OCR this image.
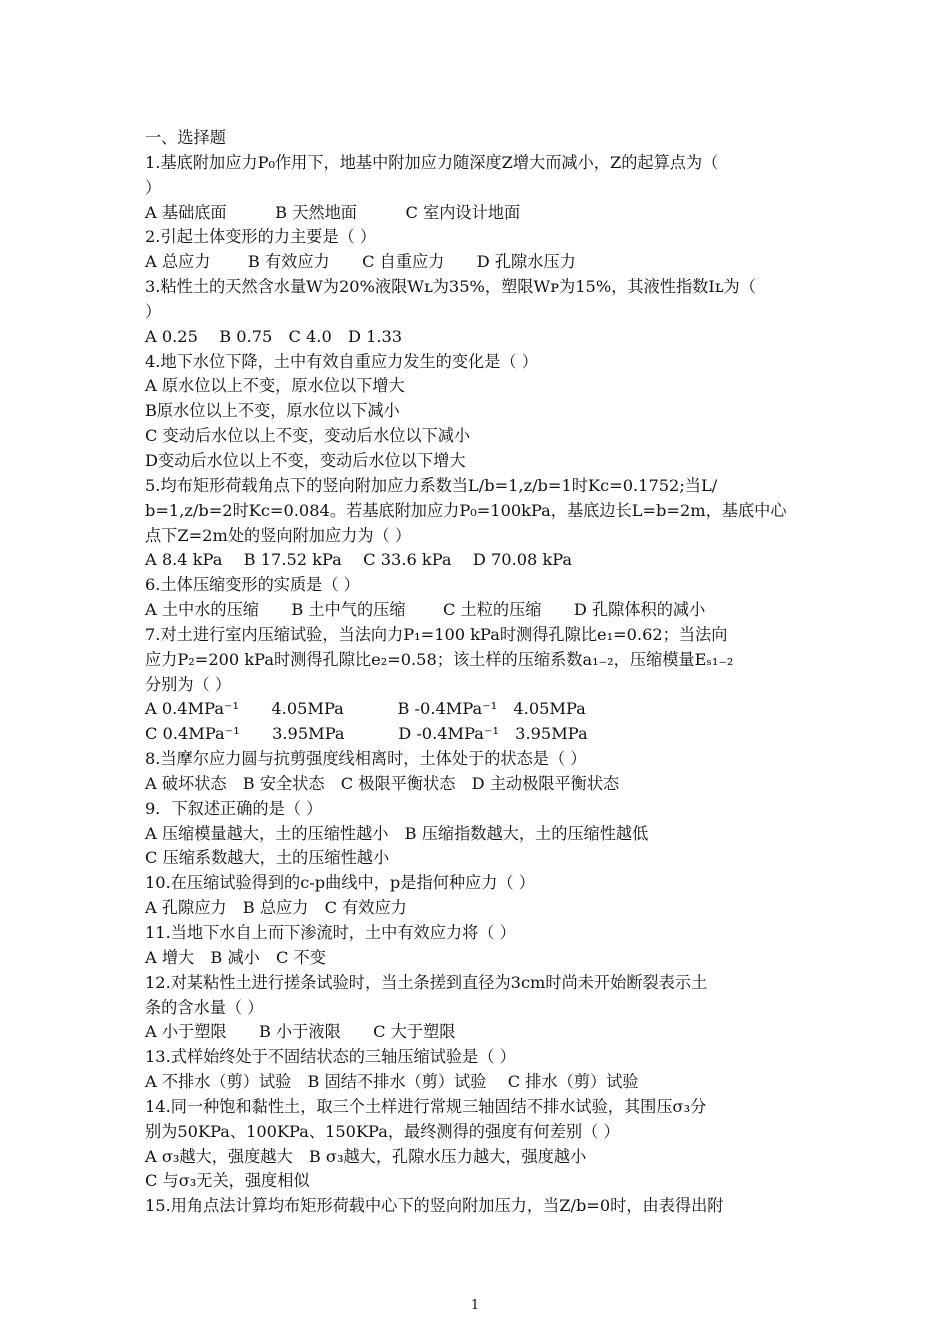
一、选择题
1.基底附加应力P₀作用下，地基中附加应力随深度Z增大而减小，Z的起算点为（
）
A 基础底面　　　B 天然地面　　　C 室内设计地面
2.引起土体变形的力主要是（ ）
A 总应力　　 B 有效应力　　C 自重应力　　D 孔隙水压力
3.粘性土的天然含水量W为20%液限Wʟ为35%，塑限Wᴘ为15%，其液性指数Iʟ为（
）
A 0.25　 B 0.75　C 4.0　D 1.33
4.地下水位下降，土中有效自重应力发生的变化是（ ）
A 原水位以上不变，原水位以下增大
B原水位以上不变，原水位以下减小
C 变动后水位以上不变，变动后水位以下减小
D变动后水位以上不变，变动后水位以下增大
5.均布矩形荷载角点下的竖向附加应力系数当L/b=1,z/b=1时Kc=0.1752;当L/
b=1,z/b=2时Kc=0.084。若基底附加应力P₀=100kPa，基底边长L=b=2m，基底中心
点下Z=2m处的竖向附加应力为（ ）
A 8.4 kPa　 B 17.52 kPa　 C 33.6 kPa　 D 70.08 kPa
6.土体压缩变形的实质是（ ）
A 土中水的压缩　　B 土中气的压缩　　 C 土粒的压缩　　D 孔隙体积的减小
7.对土进行室内压缩试验，当法向力P₁=100 kPa时测得孔隙比e₁=0.62；当法向
应力P₂=200 kPa时测得孔隙比e₂=0.58；该土样的压缩系数a₁₋₂，压缩模量Eₛ₁₋₂
分别为（ ）
A 0.4MPa⁻¹　　4.05MPa　　　 B -0.4MPa⁻¹　4.05MPa
C 0.4MPa⁻¹　　3.95MPa　　　 D -0.4MPa⁻¹　3.95MPa
8.当摩尔应力圆与抗剪强度线相离时，土体处于的状态是（ ）
A 破坏状态　B 安全状态　C 极限平衡状态　D 主动极限平衡状态
9．下叙述正确的是（ ）
A 压缩模量越大，土的压缩性越小　B 压缩指数越大，土的压缩性越低
C 压缩系数越大，土的压缩性越小
10.在压缩试验得到的c-p曲线中，p是指何种应力（ ）
A 孔隙应力　B 总应力　C 有效应力
11.当地下水自上而下渗流时，土中有效应力将（ ）
A 增大　B 减小　C 不变
12.对某粘性土进行搓条试验时，当土条搓到直径为3cm时尚未开始断裂表示土
条的含水量（ ）
A 小于塑限　　B 小于液限　　C 大于塑限
13.式样始终处于不固结状态的三轴压缩试验是（ ）
A 不排水（剪）试验　B 固结不排水（剪）试验　 C 排水（剪）试验
14.同一种饱和黏性土，取三个土样进行常规三轴固结不排水试验，其围压σ₃分
别为50KPa、100KPa、150KPa，最终测得的强度有何差别（ ）
A σ₃越大，强度越大　B σ₃越大，孔隙水压力越大，强度越小
C 与σ₃无关，强度相似
15.用角点法计算均布矩形荷载中心下的竖向附加压力，当Z/b=0时，由表得出附
1
